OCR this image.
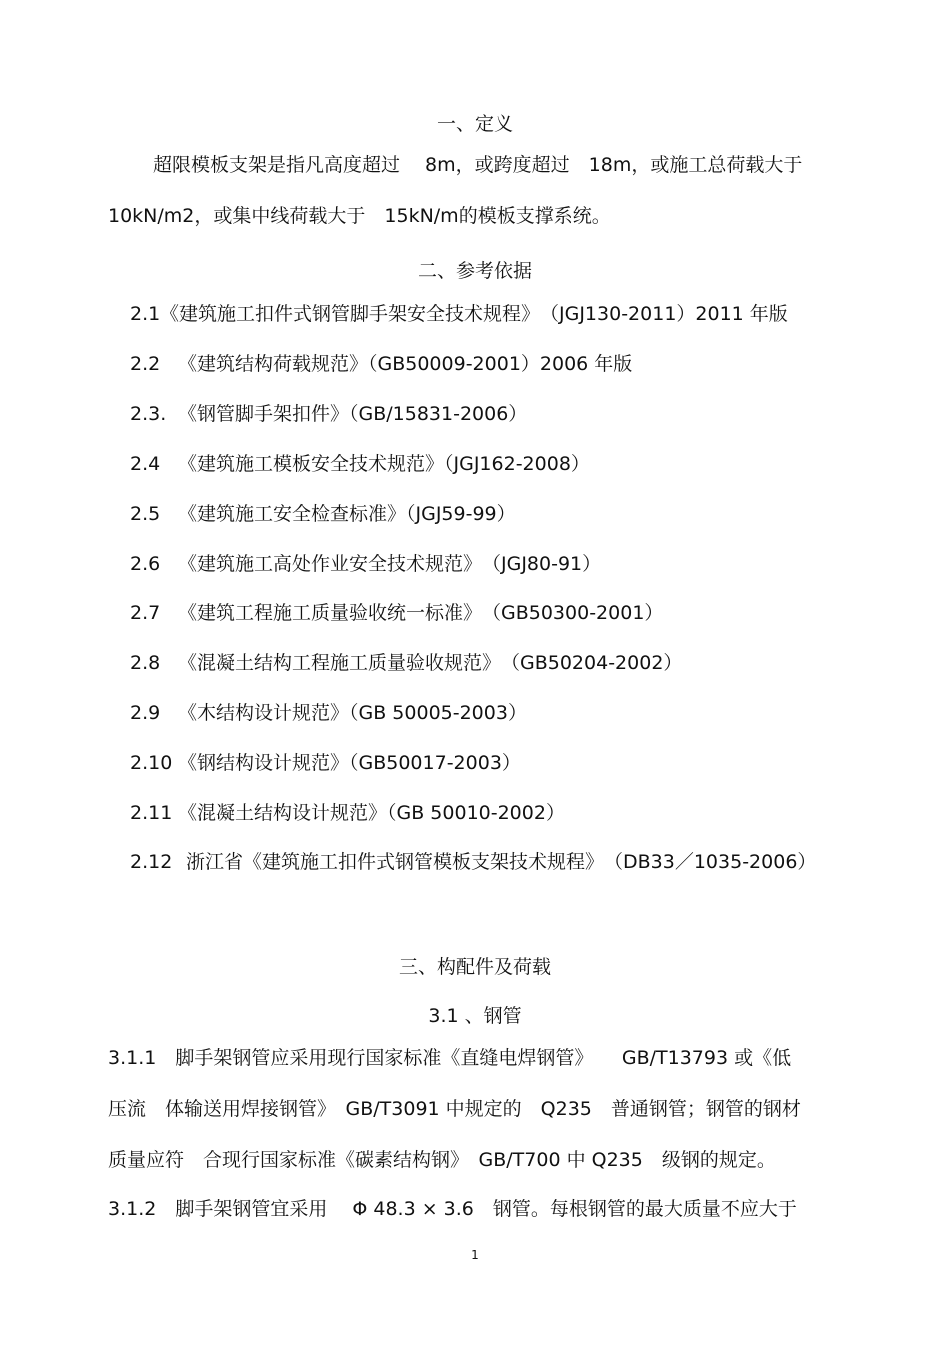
一、定义
超限模板支架是指凡高度超过　 8m，或跨度超过　18m，或施工总荷载大于
10kN/m2，或集中线荷载大于　15kN/m的模板支撑系统。
二、参考依据
2.1 《建筑施工扣件式钢管脚手架安全技术规程》　（JGJ130-2011）2011 年版
2.2 《建筑结构荷载规范》（GB50009-2001）2006 年版
2.3. 《钢管脚手架扣件》（GB/15831-2006）
2.4 《建筑施工模板安全技术规范》（JGJ162-2008）
2.5 《建筑施工安全检查标准》（JGJ59-99）
2.6 《建筑施工高处作业安全技术规范》　（JGJ80-91）
2.7 《建筑工程施工质量验收统一标准》　（GB50300-2001）
2.8 《混凝土结构工程施工质量验收规范》　（GB50204-2002）
2.9 《木结构设计规范》（GB 50005-2003）
2.10 《钢结构设计规范》（GB50017-2003）
2.11 《混凝土结构设计规范》（GB 50010-2002）
2.12 浙江省《建筑施工扣件式钢管模板支架技术规程》　（DB33／1035-2006）
三、构配件及荷载
3.1 、钢管
3.1.1　脚手架钢管应采用现行国家标准《直缝电焊钢管》　　GB/T13793 或《低
压流　体输送用焊接钢管》　GB/T3091 中规定的　Q235　普通钢管；钢管的钢材
质量应符　合现行国家标准《碳素结构钢》　GB/T700 中 Q235　级钢的规定。
3.1.2　脚手架钢管宜采用　 Φ 48.3 × 3.6　钢管。每根钢管的最大质量不应大于
1
